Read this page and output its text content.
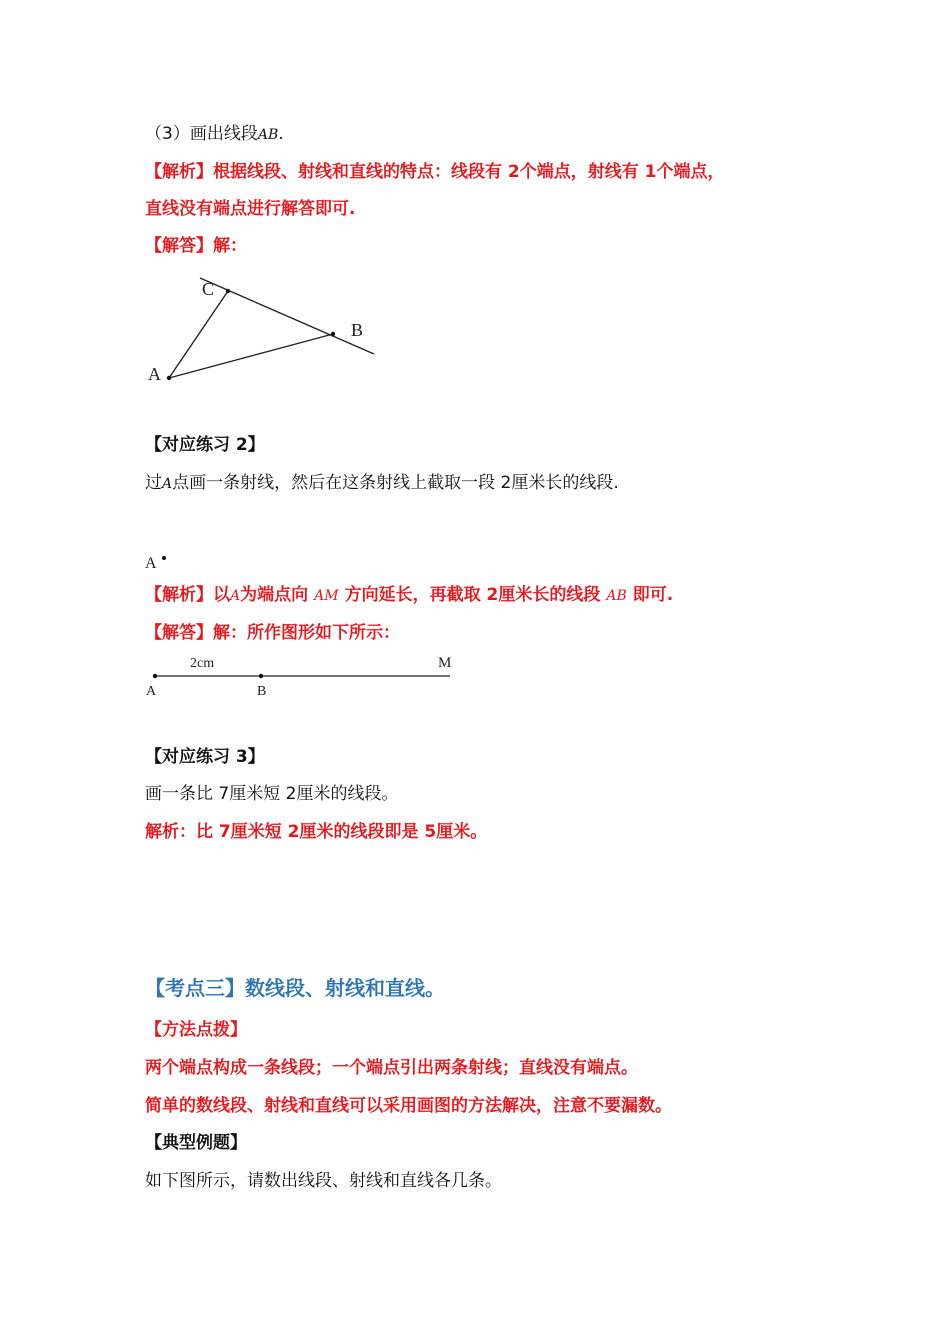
（3）画出线段AB.
【解析】根据线段、射线和直线的特点：线段有 2个端点，射线有 1个端点，
直线没有端点进行解答即可.
【解答】解：
C
B
A
【对应练习 2】
过A点画一条射线，然后在这条射线上截取一段 2厘米长的线段.
A
【解析】以A为端点向 AM 方向延长，再截取 2厘米长的线段 AB 即可.
【解答】解：所作图形如下所示：
2cm	M
A	B
【对应练习 3】
画一条比 7厘米短 2厘米的线段。
解析：比 7厘米短 2厘米的线段即是 5厘米。
【考点三】数线段、射线和直线。
【方法点拨】
两个端点构成一条线段；一个端点引出两条射线；直线没有端点。
简单的数线段、射线和直线可以采用画图的方法解决，注意不要漏数。
【典型例题】
如下图所示，请数出线段、射线和直线各几条。
